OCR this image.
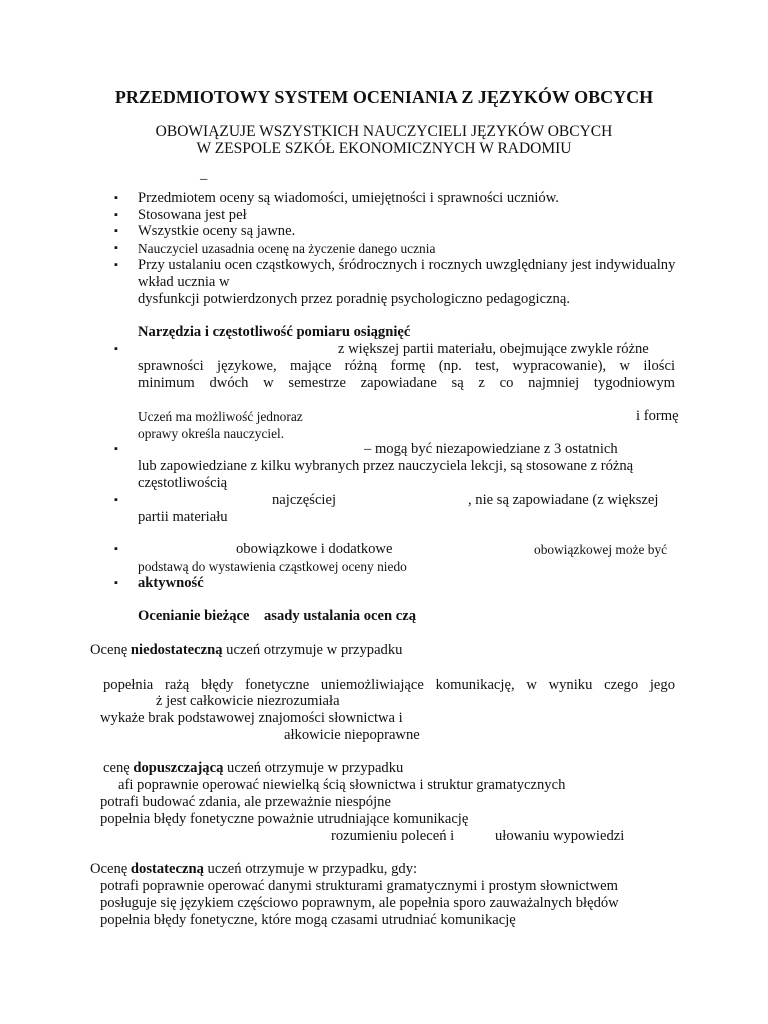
PRZEDMIOTOWY SYSTEM OCENIANIA Z JĘZYKÓW OBCYCH
OBOWIĄZUJE WSZYSTKICH NAUCZYCIELI JĘZYKÓW OBCYCH
W ZESPOLE SZKÓŁ EKONOMICZNYCH W RADOMIU
–
▪ Przedmiotem oceny są wiadomości, umiejętności i sprawności uczniów.
▪ Stosowana jest peł
▪ Wszystkie oceny są jawne.
▪ Nauczyciel uzasadnia ocenę na życzenie danego ucznia
▪ Przy ustalaniu ocen cząstkowych, śródrocznych i rocznych uwzględniany jest indywidualny
wkład ucznia w
dysfunkcji potwierdzonych przez poradnię psychologiczno pedagogiczną.
Narzędzia i częstotliwość pomiaru osiągnięć
▪	z większej partii materiału, obejmujące zwykle różne
sprawności językowe, mające różną formę (np. test, wypracowanie), w ilości
minimum dwóch w semestrze zapowiadane są z co najmniej tygodniowym
Uczeń ma możliwość jednoraz	i formę
oprawy określa nauczyciel.
▪	– mogą być niezapowiedziane z 3 ostatnich
lub zapowiedziane z kilku wybranych przez nauczyciela lekcji, są stosowane z różną
częstotliwością
▪	najczęściej	, nie są zapowiadane (z większej
partii materiału
▪	obowiązkowe i dodatkowe	obowiązkowej może być
podstawą do wystawienia cząstkowej oceny niedo
▪ aktywność
Ocenianie bieżące asady ustalania ocen czą
Ocenę niedostateczną uczeń otrzymuje w przypadku
popełnia rażą błędy fonetyczne uniemożliwiające komunikację, w wyniku czego jego
ż jest całkowicie niezrozumiała
wykaże brak podstawowej znajomości słownictwa i
ałkowicie niepoprawne
cenę dopuszczającą uczeń otrzymuje w przypadku
afi poprawnie operować niewielką ścią słownictwa i struktur gramatycznych
potrafi budować zdania, ale przeważnie niespójne
popełnia błędy fonetyczne poważnie utrudniające komunikację
rozumieniu poleceń i	ułowaniu wypowiedzi
Ocenę dostateczną uczeń otrzymuje w przypadku, gdy:
potrafi poprawnie operować danymi strukturami gramatycznymi i prostym słownictwem
posługuje się językiem częściowo poprawnym, ale popełnia sporo zauważalnych błędów
popełnia błędy fonetyczne, które mogą czasami utrudniać komunikację
